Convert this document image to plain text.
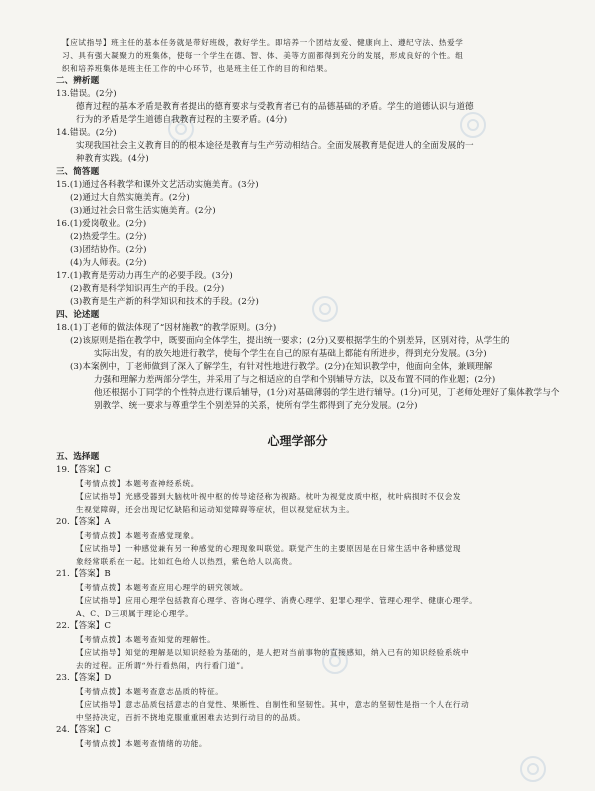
【应试指导】班主任的基本任务就是带好班级，教好学生。即培养一个团结友爱、健康向上、遵纪守法、热爱学
习、具有强大凝聚力的班集体，使每一个学生在德、智、体、美等方面都得到充分的发展，形成良好的个性。组
织和培养班集体是班主任工作的中心环节，也是班主任工作的目的和结果。
二、辨析题
13.错误。(2分)
德育过程的基本矛盾是教育者提出的德育要求与受教育者已有的品德基础的矛盾。学生的道德认识与道德
行为的矛盾是学生道德自我教育过程的主要矛盾。(4分)
14.错误。(2分)
实现我国社会主义教育目的的根本途径是教育与生产劳动相结合。全面发展教育是促进人的全面发展的一
种教育实践。(4分)
三、简答题
15.(1)通过各科教学和课外文艺活动实施美育。(3分)
(2)通过大自然实施美育。(2分)
(3)通过社会日常生活实施美育。(2分)
16.(1)爱岗敬业。(2分)
(2)热爱学生。(2分)
(3)团结协作。(2分)
(4)为人师表。(2分)
17.(1)教育是劳动力再生产的必要手段。(3分)
(2)教育是科学知识再生产的手段。(2分)
(3)教育是生产新的科学知识和技术的手段。(2分)
四、论述题
18.(1)丁老师的做法体现了“因材施教”的教学原则。(3分)
(2)该原则是指在教学中，既要面向全体学生，提出统一要求；(2分)又要根据学生的个别差异，区别对待，从学生的
实际出发，有的放矢地进行教学，使每个学生在自己的原有基础上都能有所进步，得到充分发展。(3分)
(3)本案例中，丁老师做到了深入了解学生，有针对性地进行教学。(2分)在知识教学中，他面向全体，兼顾理解
力强和理解力差两部分学生，并采用了与之相适应的自学和个别辅导方法，以及布置不同的作业题；(2分)
他还根据小丁同学的个性特点进行课后辅导，(1分)对基础薄弱的学生进行辅导。(1分)可见，丁老师处理好了集体教学与个
别教学、统一要求与尊重学生个别差异的关系，使所有学生都得到了充分发展。(2分)
五、选择题
19.【答案】C
【考情点拨】本题考查神经系统。
【应试指导】光感受器到大脑枕叶视中枢的传导途径称为视路。枕叶为视觉皮质中枢，枕叶病损时不仅会发
生视觉障碍，还会出现记忆缺陷和运动知觉障碍等症状，但以视觉症状为主。
20.【答案】A
【考情点拨】本题考查感觉现象。
【应试指导】一种感觉兼有另一种感觉的心理现象叫联觉。联觉产生的主要原因是在日常生活中各种感觉现
象经常联系在一起。比如红色给人以热烈，紫色给人以高贵。
21.【答案】B
【考情点拨】本题考查应用心理学的研究领域。
【应试指导】应用心理学包括教育心理学、咨询心理学、消费心理学、犯罪心理学、管理心理学、健康心理学。
A、C、D三项属于理论心理学。
22.【答案】C
【考情点拨】本题考查知觉的理解性。
【应试指导】知觉的理解是以知识经验为基础的，是人把对当前事物的直接感知，纳入已有的知识经验系统中
去的过程。正所谓“外行看热闹，内行看门道”。
23.【答案】D
【考情点拨】本题考查意志品质的特征。
【应试指导】意志品质包括意志的自觉性、果断性、自制性和坚韧性。其中，意志的坚韧性是指一个人在行动
中坚持决定，百折不挠地克服重重困难去达到行动目的的品质。
24.【答案】C
【考情点拨】本题考查情绪的功能。
心理学部分
